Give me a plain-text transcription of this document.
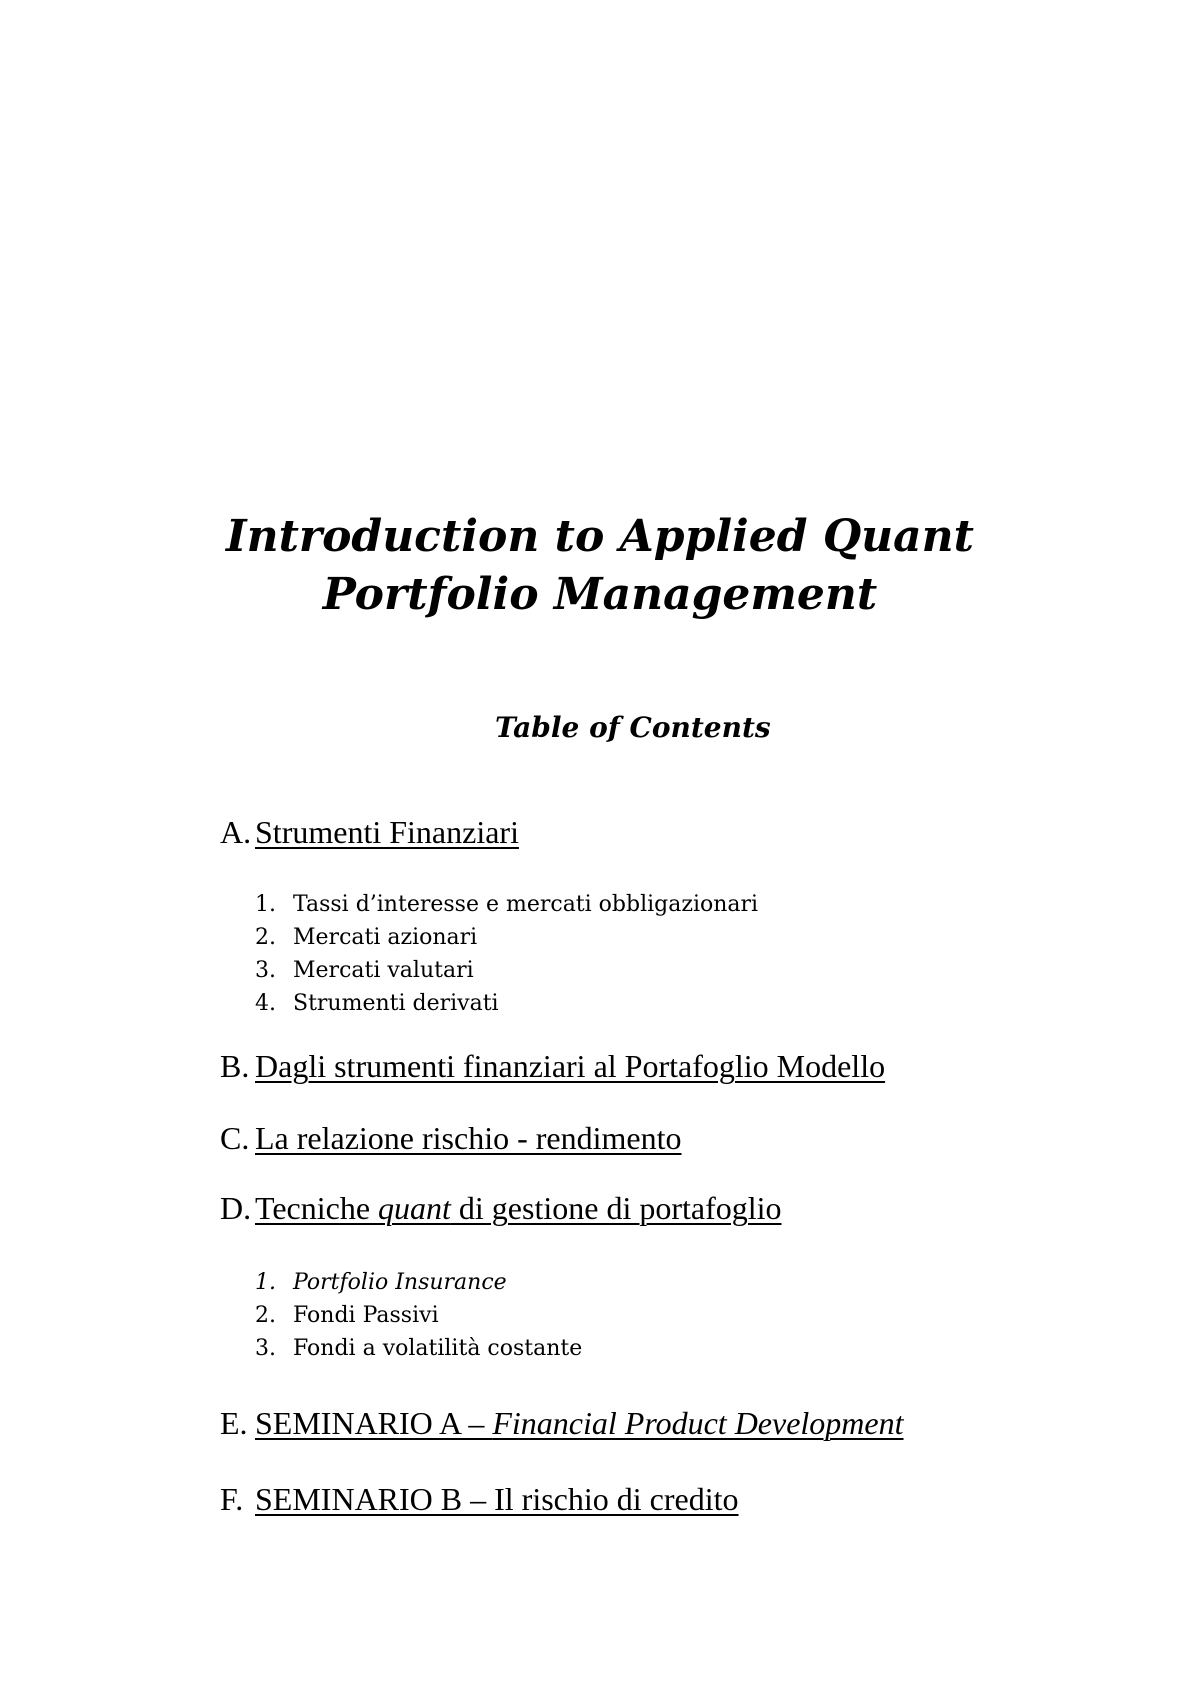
Introduction to Applied Quant
Portfolio Management
Table of Contents
A. Strumenti Finanziari
1. Tassi d’interesse e mercati obbligazionari
2. Mercati azionari
3. Mercati valutari
4. Strumenti derivati
B. Dagli strumenti finanziari al Portafoglio Modello
C. La relazione rischio - rendimento
D. Tecniche quant di gestione di portafoglio
1. Portfolio Insurance
2. Fondi Passivi
3. Fondi a volatilità costante
E. SEMINARIO A – Financial Product Development
F. SEMINARIO B – Il rischio di credito
